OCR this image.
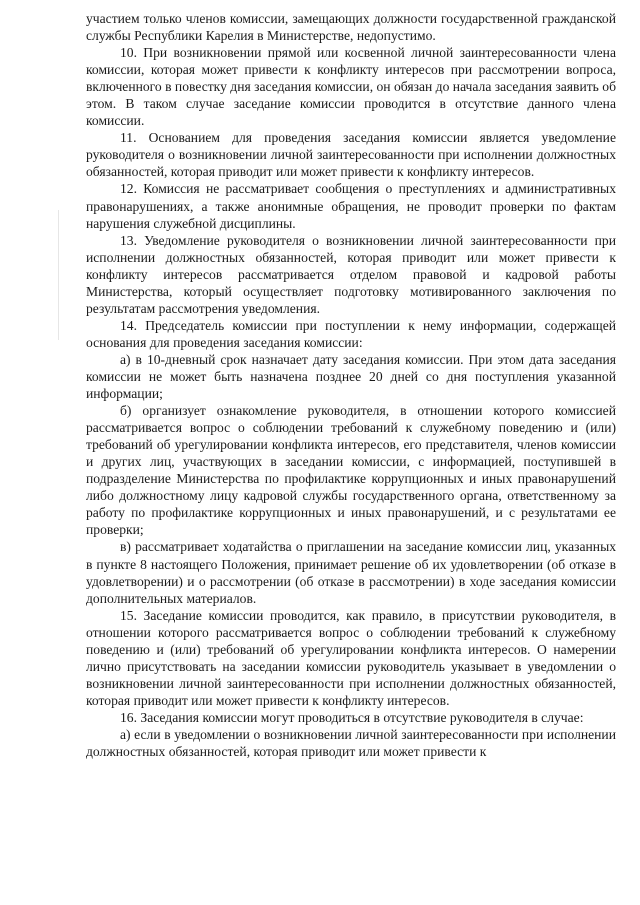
участием только членов комиссии, замещающих должности государственной гражданской службы Республики Карелия в Министерстве, недопустимо.

10. При возникновении прямой или косвенной личной заинтересованности члена комиссии, которая может привести к конфликту интересов при рассмотрении вопроса, включенного в повестку дня заседания комиссии, он обязан до начала заседания заявить об этом. В таком случае заседание комиссии проводится в отсутствие данного члена комиссии.

11. Основанием для проведения заседания комиссии является уведомление руководителя о возникновении личной заинтересованности при исполнении должностных обязанностей, которая приводит или может привести к конфликту интересов.

12. Комиссия не рассматривает сообщения о преступлениях и административных правонарушениях, а также анонимные обращения, не проводит проверки по фактам нарушения служебной дисциплины.

13. Уведомление руководителя о возникновении личной заинтересованности при исполнении должностных обязанностей, которая приводит или может привести к конфликту интересов рассматривается отделом правовой и кадровой работы Министерства, который осуществляет подготовку мотивированного заключения по результатам рассмотрения уведомления.

14. Председатель комиссии при поступлении к нему информации, содержащей основания для проведения заседания комиссии:

а) в 10-дневный срок назначает дату заседания комиссии. При этом дата заседания комиссии не может быть назначена позднее 20 дней со дня поступления указанной информации;

б) организует ознакомление руководителя, в отношении которого комиссией рассматривается вопрос о соблюдении требований к служебному поведению и (или) требований об урегулировании конфликта интересов, его представителя, членов комиссии и других лиц, участвующих в заседании комиссии, с информацией, поступившей в подразделение Министерства по профилактике коррупционных и иных правонарушений либо должностному лицу кадровой службы государственного органа, ответственному за работу по профилактике коррупционных и иных правонарушений, и с результатами ее проверки;

в) рассматривает ходатайства о приглашении на заседание комиссии лиц, указанных в пункте 8 настоящего Положения, принимает решение об их удовлетворении (об отказе в удовлетворении) и о рассмотрении (об отказе в рассмотрении) в ходе заседания комиссии дополнительных материалов.

15. Заседание комиссии проводится, как правило, в присутствии руководителя, в отношении которого рассматривается вопрос о соблюдении требований к служебному поведению и (или) требований об урегулировании конфликта интересов. О намерении лично присутствовать на заседании комиссии руководитель указывает в уведомлении о возникновении личной заинтересованности при исполнении должностных обязанностей, которая приводит или может привести к конфликту интересов.

16. Заседания комиссии могут проводиться в отсутствие руководителя в случае:

а) если в уведомлении о возникновении личной заинтересованности при исполнении должностных обязанностей, которая приводит или может привести к
